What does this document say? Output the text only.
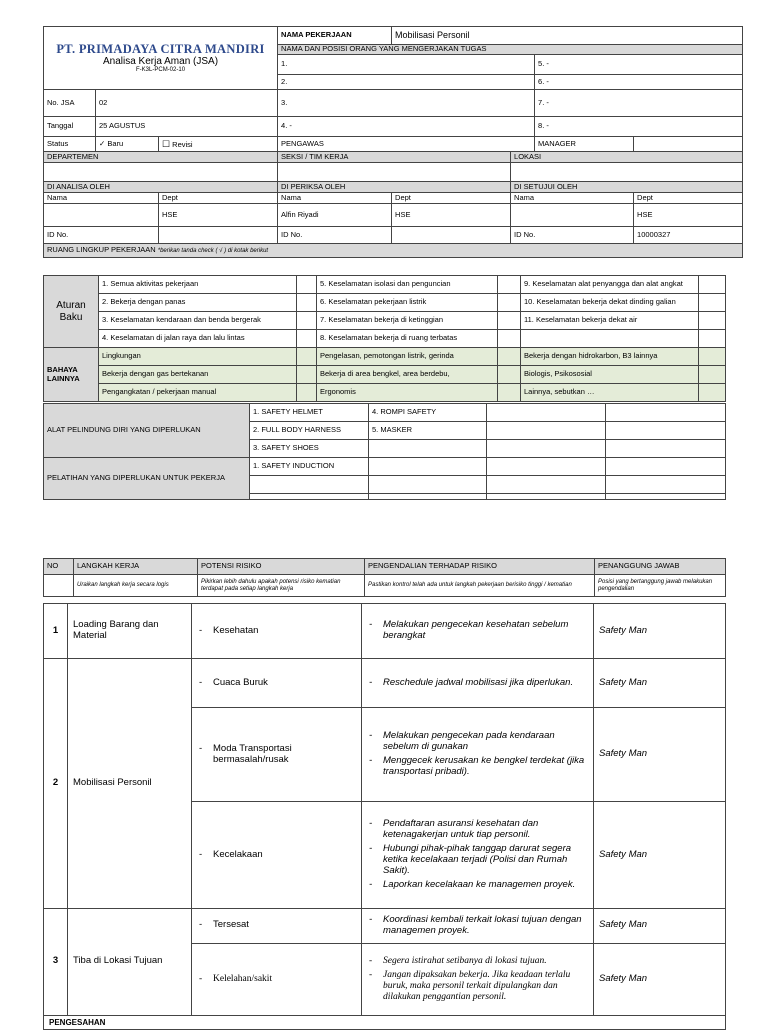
PT. PRIMADAYA CITRA MANDIRI
Analisa Kerja Aman (JSA)
F-K3L-PCM-02-10			NAMA PEKERJAAN	Mobilisasi Personil			
			NAMA DAN POSISI ORANG YANG MENGERJAKAN TUGAS				
			1.			5. -	
			2.			6. -	
No. JSA	02		3.			7. -	
Tanggal	25 AGUSTUS		4. -			8. -	
Status	✓ Baru	☐ Revisi	PENGAWAS			MANAGER	
DEPARTEMEN			SEKSI / TIM KERJA		LOKASI		

DI ANALISA OLEH			DI PERIKSA OLEH		DI SETUJUI OLEH		
Nama		Dept	Nama	Dept	Nama		Dept
		HSE	Alfin Riyadi	HSE			HSE
ID No.			ID No.		ID No.		10000327
RUANG LINGKUP PEKERJAAN *berikan tanda check ( √ ) di kotak berikut							
Aturan Baku	1. Semua aktivitas pekerjaan		5. Keselamatan isolasi dan penguncian		9. Keselamatan alat penyangga dan alat angkat	
	2. Bekerja dengan panas		6. Keselamatan pekerjaan listrik		10. Keselamatan bekerja dekat dinding galian	
	3. Keselamatan kendaraan dan benda bergerak		7. Keselamatan bekerja di ketinggian		11. Keselamatan bekerja dekat air	
	4. Keselamatan di jalan raya dan lalu lintas		8. Keselamatan bekerja di ruang terbatas			
BAHAYA LAINNYA	Lingkungan		Pengelasan, pemotongan listrik, gerinda		Bekerja dengan hidrokarbon, B3 lainnya	
	Bekerja dengan gas bertekanan		Bekerja di area bengkel, area berdebu,		Biologis, Psikososial	
	Pengangkatan / pekerjaan manual		Ergonomis		Lainnya, sebutkan …	
ALAT PELINDUNG DIRI YANG DIPERLUKAN	1. SAFETY HELMET	4. ROMPI SAFETY		
	2. FULL BODY HARNESS	5. MASKER		
	3. SAFETY SHOES			
PELATIHAN YANG DIPERLUKAN UNTUK PEKERJA	1. SAFETY INDUCTION			

NO	LANGKAH KERJA	POTENSI RISIKO	PENGENDALIAN TERHADAP RISIKO	PENANGGUNG JAWAB
	Uraikan langkah kerja secara logis	Pikirkan lebih dahulu apakah potensi risiko kematian terdapat pada setiap langkah kerja	Pastikan kontrol telah ada untuk langkah pekerjaan berisiko tinggi / kematian	Posisi yang bertanggung jawab melakukan pengendalian
1	Loading Barang dan Material	- Kesehatan	- Melakukan pengecekan kesehatan sebelum berangkat	Safety Man
2	Mobilisasi Personil	- Cuaca Buruk	- Reschedule jadwal mobilisasi jika diperlukan.	Safety Man

		- Moda Transportasi bermasalah/rusak	- Melakukan pengecekan pada kendaraan sebelum di gunakan
- Menggecek kerusakan ke bengkel terdekat (jika transportasi pribadi).	Safety Man

		- Kecelakaan	- Pendaftaran asuransi kesehatan dan ketenagakerjan untuk tiap personil.
- Hubungi pihak-pihak tanggap darurat segera ketika kecelakaan terjadi (Polisi dan Rumah Sakit).
- Laporkan kecelakaan ke managemen proyek.	Safety Man
3	Tiba di Lokasi Tujuan	- Tersesat	- Koordinasi kembali terkait lokasi tujuan dengan managemen proyek.	Safety Man

		- Kelelahan/sakit	- Segera istirahat setibanya di lokasi tujuan.
- Jangan dipaksakan bekerja. Jika keadaan terlalu buruk, maka personil terkait dipulangkan dan dilakukan penggantian personil.	Safety Man
PENGESAHAN				
